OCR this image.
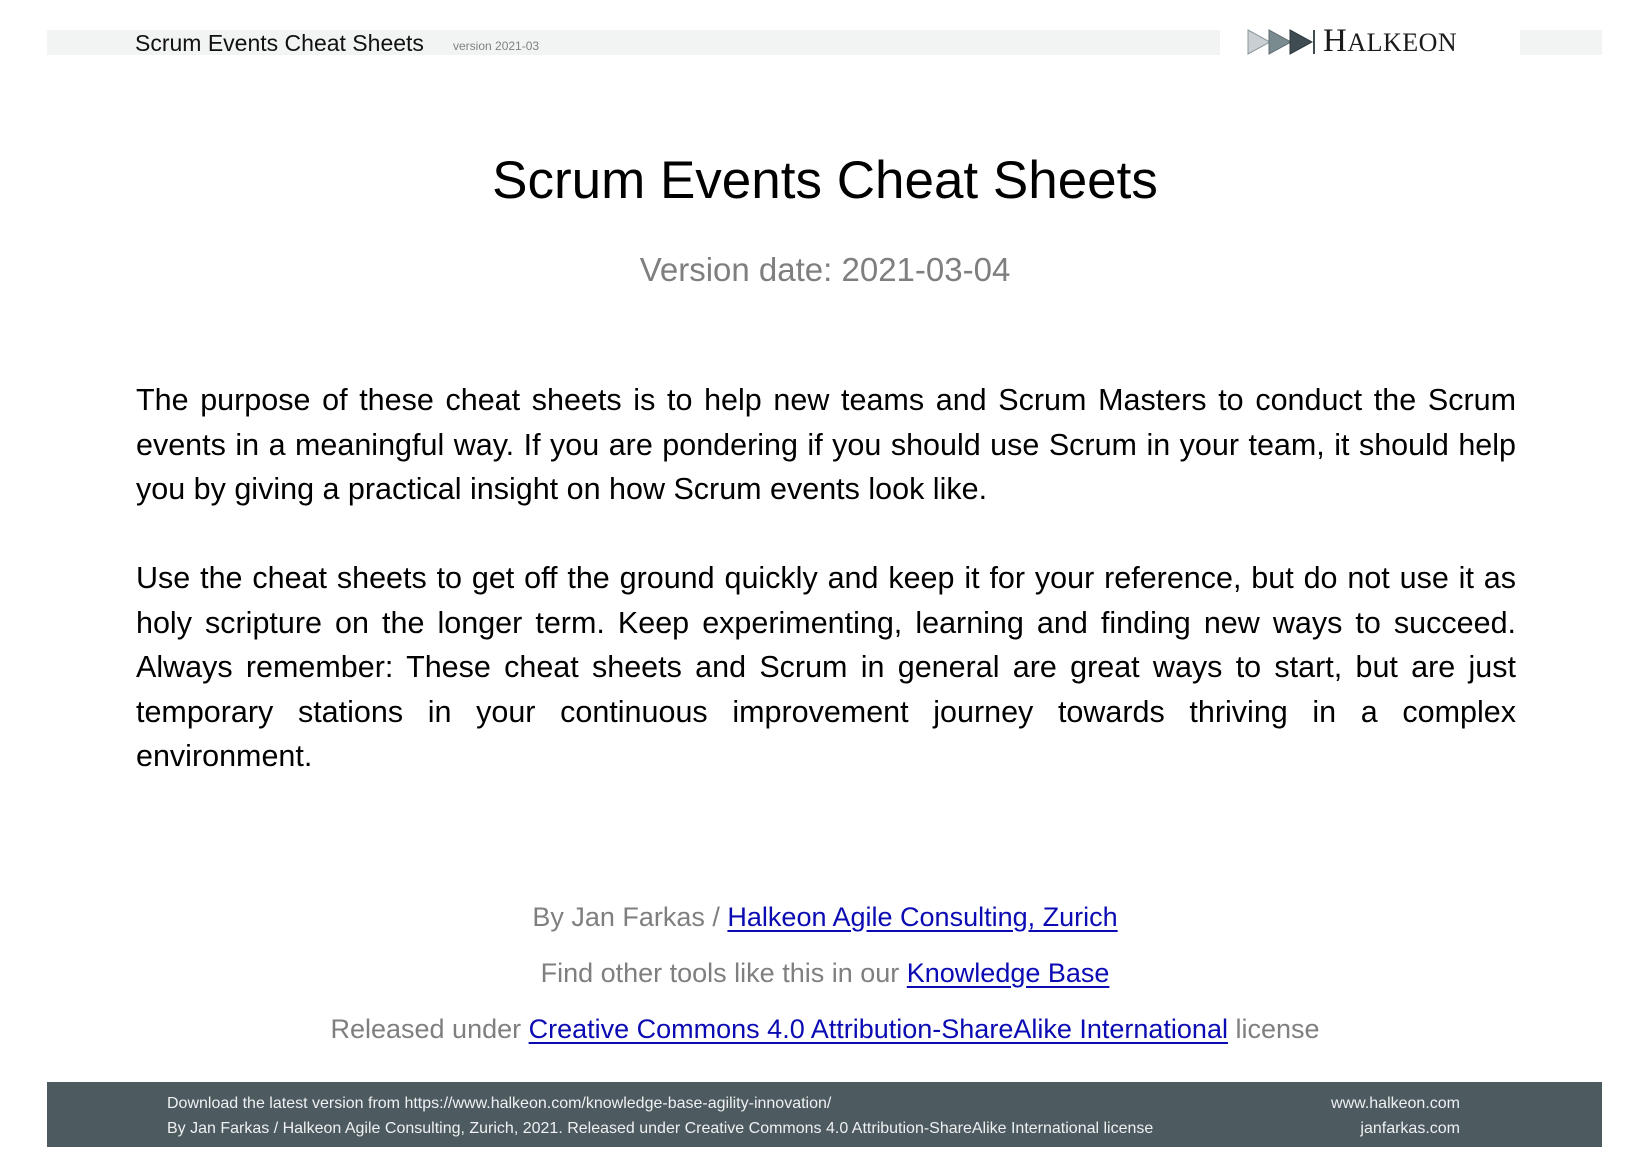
Scrum Events Cheat Sheets version 2021-03	HALKEON
Scrum Events Cheat Sheets
Version date: 2021-03-04
The purpose of these cheat sheets is to help new teams and Scrum Masters to conduct the Scrum events in a meaningful way. If you are pondering if you should use Scrum in your team, it should help you by giving a practical insight on how Scrum events look like.
Use the cheat sheets to get off the ground quickly and keep it for your reference, but do not use it as holy scripture on the longer term. Keep experimenting, learning and finding new ways to succeed. Always remember: These cheat sheets and Scrum in general are great ways to start, but are just temporary stations in your continuous improvement journey towards thriving in a complex environment.
By Jan Farkas / Halkeon Agile Consulting, Zurich
Find other tools like this in our Knowledge Base
Released under Creative Commons 4.0 Attribution-ShareAlike International license
Download the latest version from https://www.halkeon.com/knowledge-base-agility-innovation/
By Jan Farkas / Halkeon Agile Consulting, Zurich, 2021. Released under Creative Commons 4.0 Attribution-ShareAlike International license
www.halkeon.com
janfarkas.com
